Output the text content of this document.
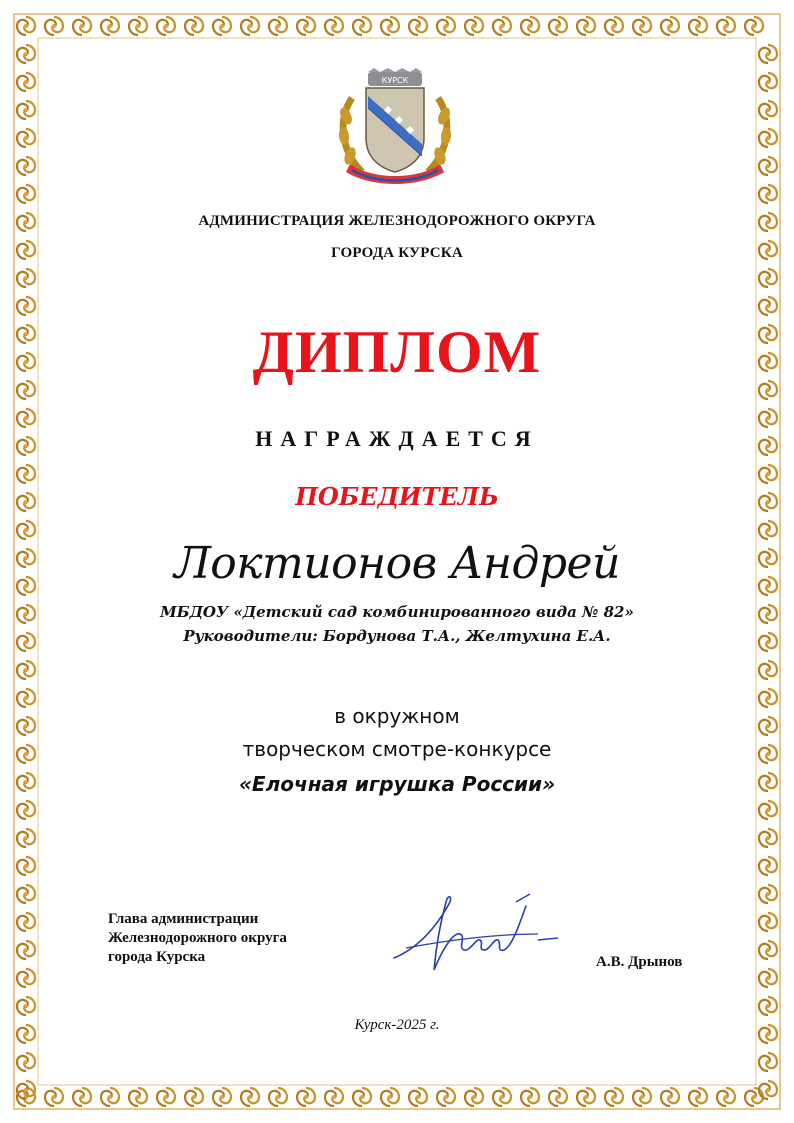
КУРСК

АДМИНИСТРАЦИЯ ЖЕЛЕЗНОДОРОЖНОГО ОКРУГА

ГОРОДА КУРСКА

ДИПЛОМ

НАГРАЖДАЕТСЯ

ПОБЕДИТЕЛЬ

Локтионов Андрей

МБДОУ «Детский сад комбинированного вида № 82»

Руководители: Бордунова Т.А., Желтухина Е.А.

в окружном

творческом смотре-конкурсе

«Елочная игрушка России»

Глава администрации
Железнодорожного округа
города Курска	А.В. Дрынов

Курск-2025 г.
